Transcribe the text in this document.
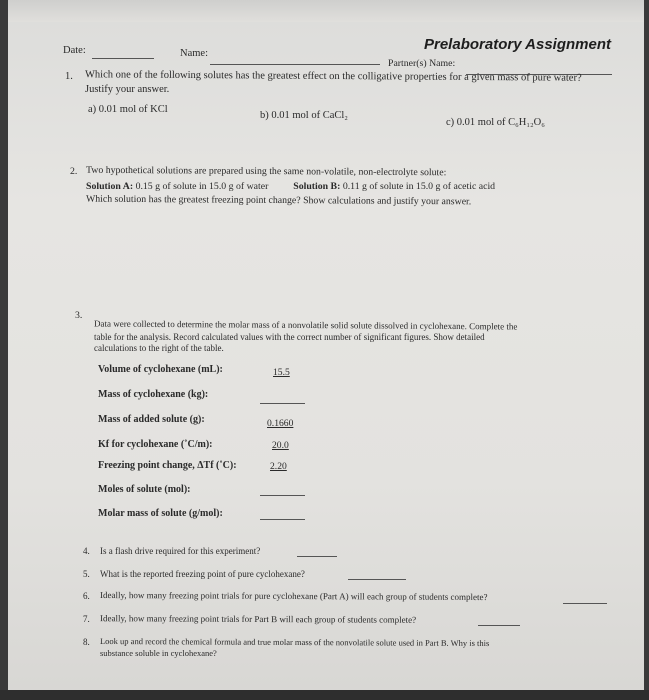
Prelaboratory Assignment
Date:	Name:
Partner(s) Name:
1. Which one of the following solutes has the greatest effect on the colligative properties for a given mass of pure water?
Justify your answer.
a) 0.01 mol of KCl
b) 0.01 mol of CaCl₂
c) 0.01 mol of C₆H₁₂O₆
2. Two hypothetical solutions are prepared using the same non-volatile, non-electrolyte solute:
Solution A: 0.15 g of solute in 15.0 g of water	Solution B: 0.11 g of solute in 15.0 g of acetic acid
Which solution has the greatest freezing point change? Show calculations and justify your answer.
3.
Data were collected to determine the molar mass of a nonvolatile solid solute dissolved in cyclohexane. Complete the
table for the analysis. Record calculated values with the correct number of significant figures. Show detailed
calculations to the right of the table.
Volume of cyclohexane (mL):	15.5
Mass of cyclohexane (kg):
Mass of added solute (g):	0.1660
Kf for cyclohexane (˚C/m):	20.0
Freezing point change, ΔTf (˚C):	2.20
Moles of solute (mol):
Molar mass of solute (g/mol):
4. Is a flash drive required for this experiment?
5. What is the reported freezing point of pure cyclohexane?
6. Ideally, how many freezing point trials for pure cyclohexane (Part A) will each group of students complete?
7. Ideally, how many freezing point trials for Part B will each group of students complete?
8. Look up and record the chemical formula and true molar mass of the nonvolatile solute used in Part B. Why is this
substance soluble in cyclohexane?
